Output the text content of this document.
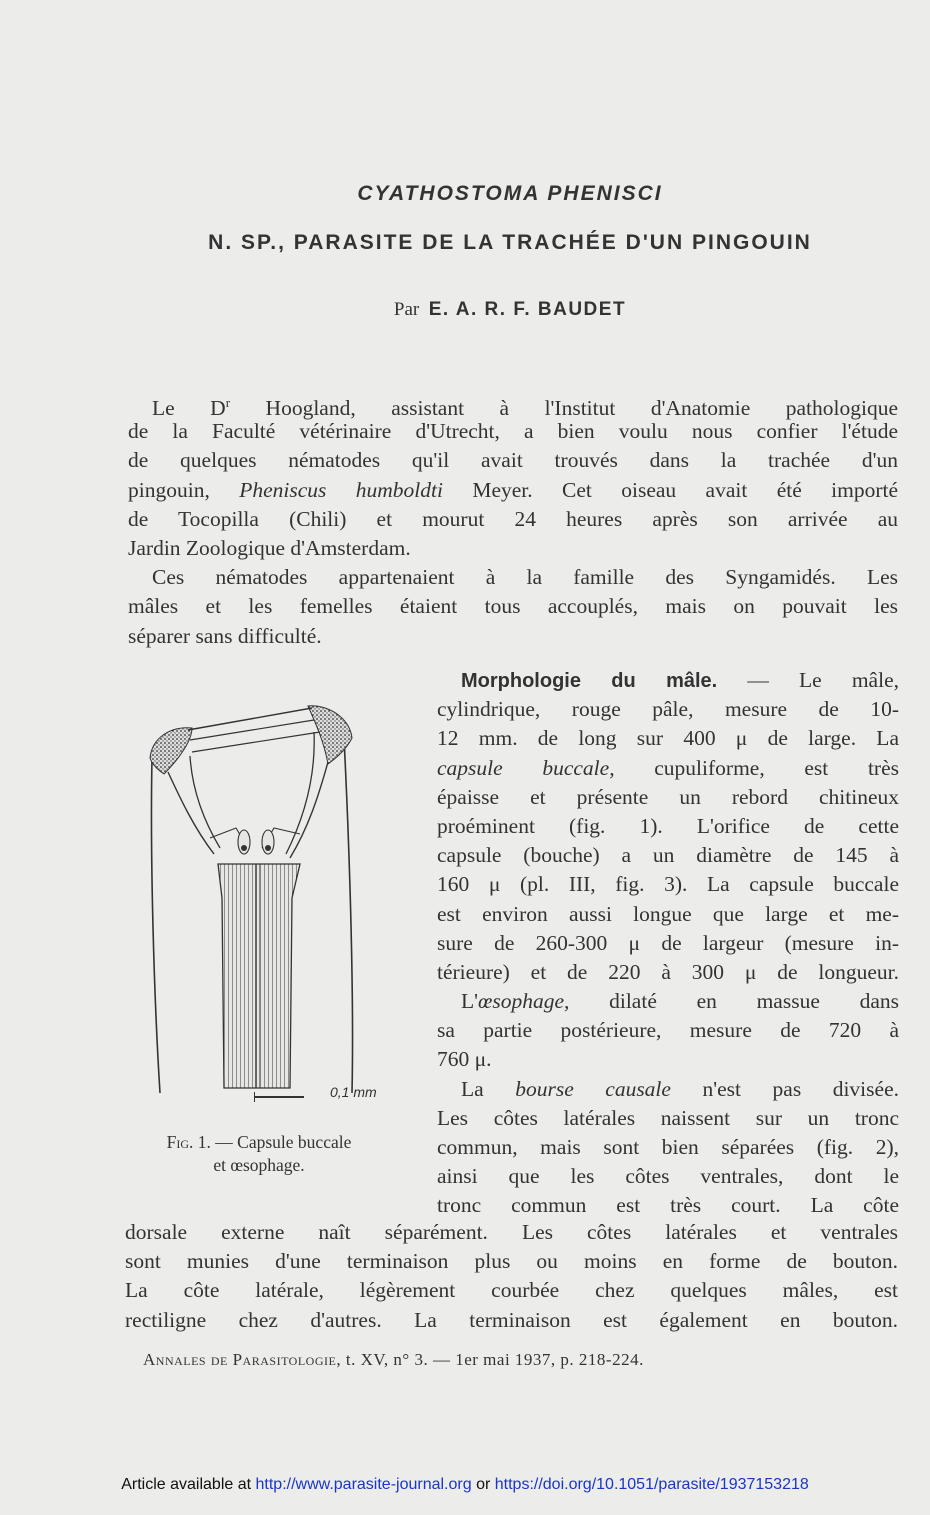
CYATHOSTOMA PHENISCI
N. SP., PARASITE DE LA TRACHÉE D'UN PINGOUIN
Par E. A. R. F. BAUDET
Le $D^r$ Hoogland, assistant à l'Institut d'Anatomie pathologique
de la Faculté vétérinaire d'Utrecht, a bien voulu nous confier l'étude
de quelques nématodes qu'il avait trouvés dans la trachée d'un
pingouin, Pheniscus humboldti Meyer. Cet oiseau avait été importé
de Tocopilla (Chili) et mourut 24 heures après son arrivée au
Jardin Zoologique d'Amsterdam.
Ces nématodes appartenaient à la famille des Syngamidés. Les
mâles et les femelles étaient tous accouplés, mais on pouvait les
séparer sans difficulté.
0,1 mm
Fig. 1. — Capsule buccale
et œsophage.
Morphologie du mâle. — Le mâle,
cylindrique, rouge pâle, mesure de 10-
12 mm. de long sur 400 μ de large. La
capsule buccale, cupuliforme, est très
épaisse et présente un rebord chitineux
proéminent (fig. 1). L'orifice de cette
capsule (bouche) a un diamètre de 145 à
160 μ (pl. III, fig. 3). La capsule buccale
est environ aussi longue que large et me-
sure de 260-300 μ de largeur (mesure in-
térieure) et de 220 à 300 μ de longueur.
L'œsophage, dilaté en massue dans
sa partie postérieure, mesure de 720 à
760 μ.
La bourse causale n'est pas divisée.
Les côtes latérales naissent sur un tronc
commun, mais sont bien séparées (fig. 2),
ainsi que les côtes ventrales, dont le
tronc commun est très court. La côte
dorsale externe naît séparément. Les côtes latérales et ventrales
sont munies d'une terminaison plus ou moins en forme de bouton.
La côte latérale, légèrement courbée chez quelques mâles, est
rectiligne chez d'autres. La terminaison est également en bouton.
Annales de Parasitologie, t. XV, n° 3. — 1er mai 1937, p. 218-224.
Article available at http://www.parasite-journal.org or https://doi.org/10.1051/parasite/1937153218
